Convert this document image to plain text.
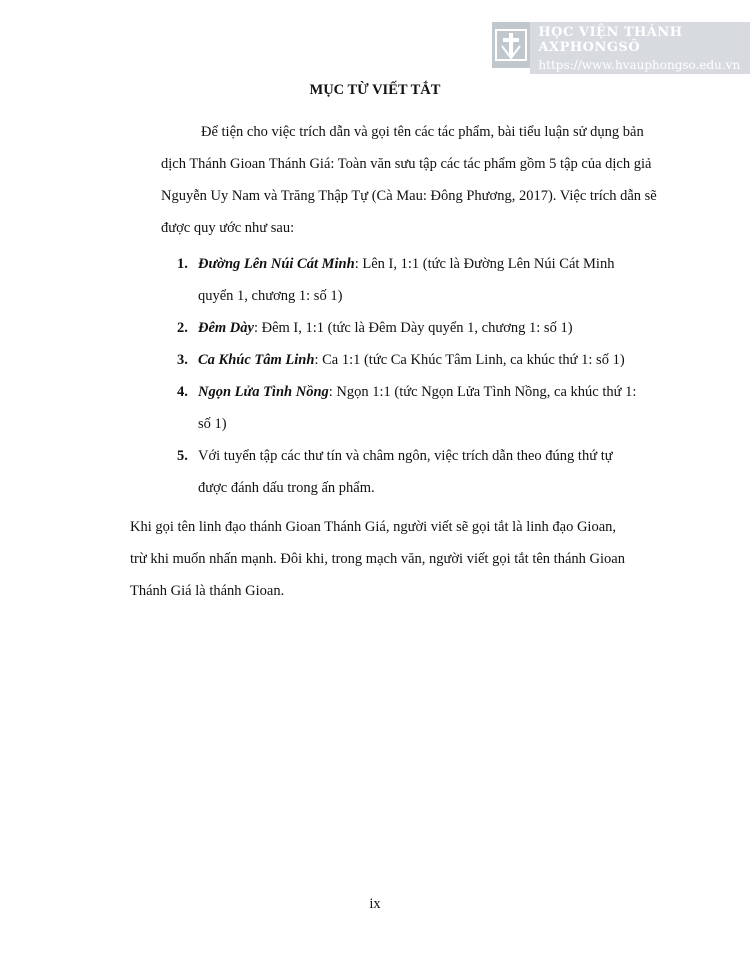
HỌC VIỆN THÁNH AXPHONGSÔ
https://www.hvauphongso.edu.vn
MỤC TỪ VIẾT TẮT

Để tiện cho việc trích dẫn và gọi tên các tác phẩm, bài tiểu luận sử dụng bản dịch Thánh Gioan Thánh Giá: Toàn văn sưu tập các tác phẩm gồm 5 tập của dịch giả Nguyễn Uy Nam và Trăng Thập Tự (Cà Mau: Đông Phương, 2017). Việc trích dẫn sẽ được quy ước như sau:

1. Đường Lên Núi Cát Minh: Lên I, 1:1 (tức là Đường Lên Núi Cát Minh quyển 1, chương 1: số 1)
2. Đêm Dày: Đêm I, 1:1 (tức là Đêm Dày quyển 1, chương 1: số 1)
3. Ca Khúc Tâm Linh: Ca 1:1 (tức Ca Khúc Tâm Linh, ca khúc thứ 1: số 1)
4. Ngọn Lửa Tình Nồng: Ngọn 1:1 (tức Ngọn Lửa Tình Nồng, ca khúc thứ 1: số 1)
5. Với tuyển tập các thư tín và châm ngôn, việc trích dẫn theo đúng thứ tự được đánh dấu trong ấn phẩm.

Khi gọi tên linh đạo thánh Gioan Thánh Giá, người viết sẽ gọi tắt là linh đạo Gioan, trừ khi muốn nhấn mạnh. Đôi khi, trong mạch văn, người viết gọi tắt tên thánh Gioan Thánh Giá là thánh Gioan.

ix
